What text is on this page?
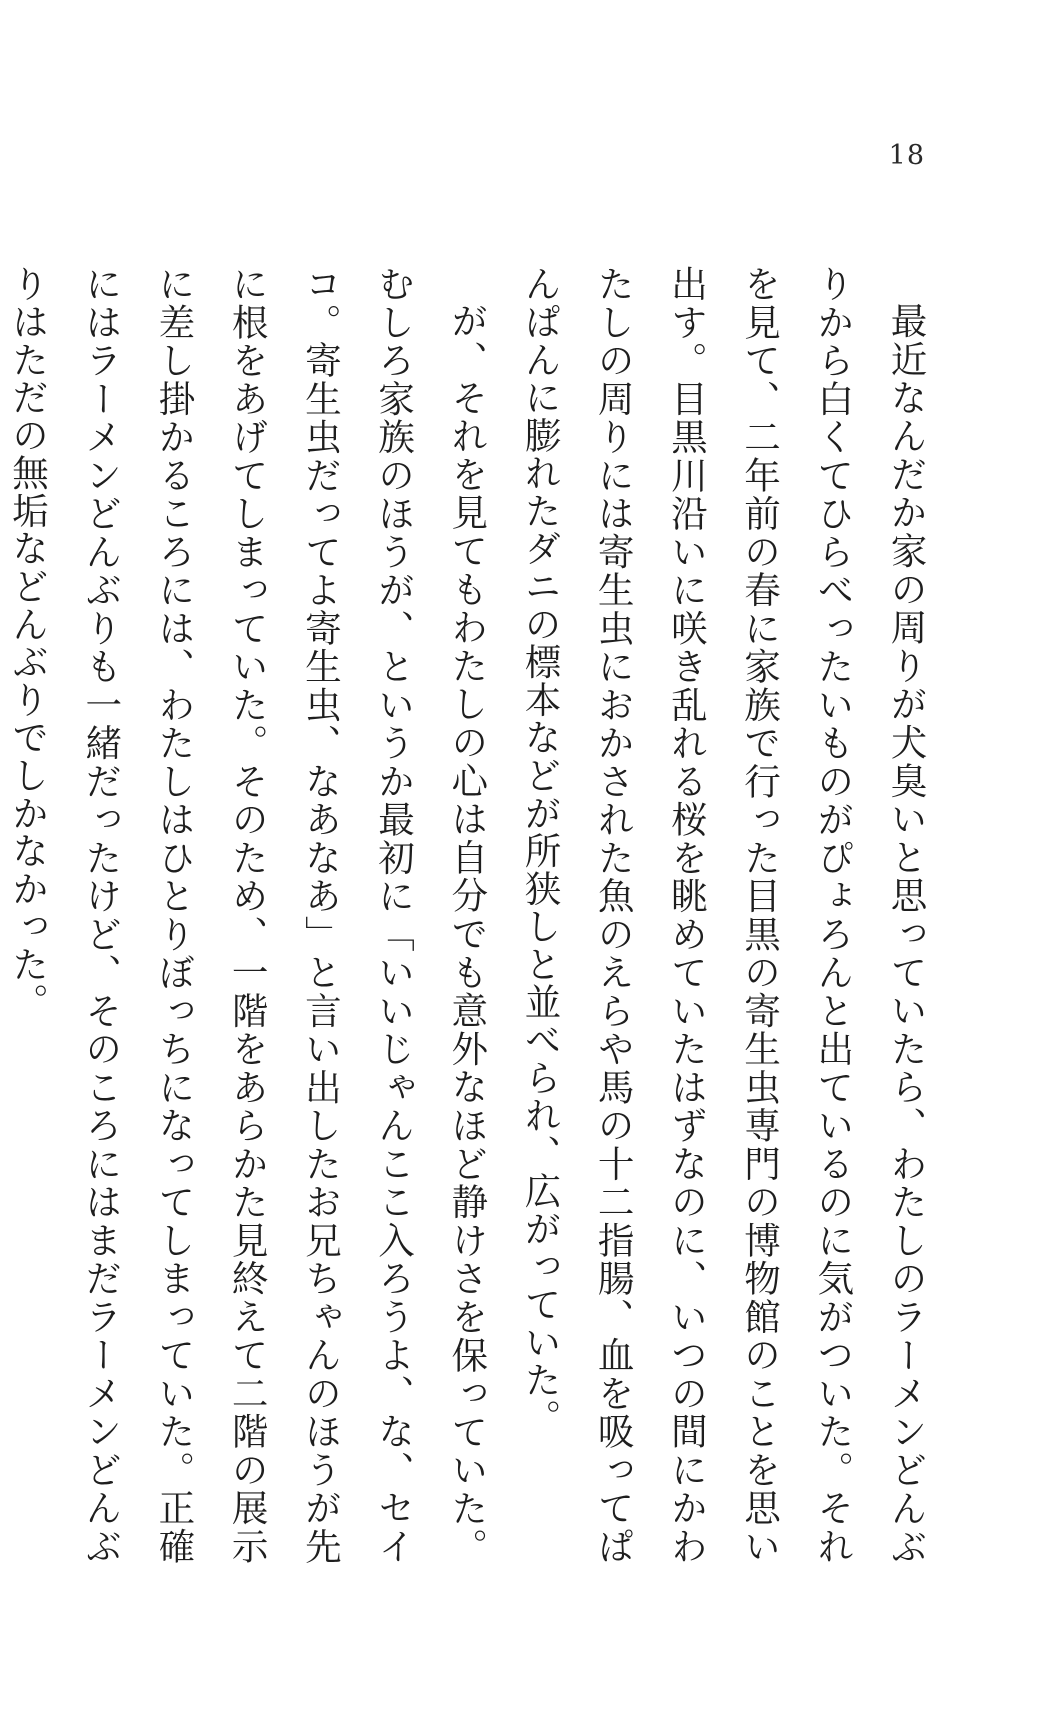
18

最近なんだか家の周りが犬臭いと思っていたら、わたしのラーメンどんぶりから白くてひらべったいものがぴょろんと出ているのに気がついた。それを見て、二年前の春に家族で行った目黒の寄生虫専門の博物館のことを思い出す。目黒川沿いに咲き乱れる桜を眺めていたはずなのに、いつの間にかわたしの周りには寄生虫におかされた魚のえらや馬の十二指腸、血を吸ってぱんぱんに膨れたダニの標本などが所狭しと並べられ、広がっていた。

が、それを見てもわたしの心は自分でも意外なほど静けさを保っていた。むしろ家族のほうが、というか最初に「いいじゃんここ入ろうよ、な、セイコ。寄生虫だってよ寄生虫、なあなあ」と言い出したお兄ちゃんのほうが先に根をあげてしまっていた。そのため、一階をあらかた見終えて二階の展示に差し掛かるころには、わたしはひとりぼっちになってしまっていた。正確にはラーメンどんぶりも一緒だったけど、そのころにはまだラーメンどんぶりはただの無垢などんぶりでしかなかった。
